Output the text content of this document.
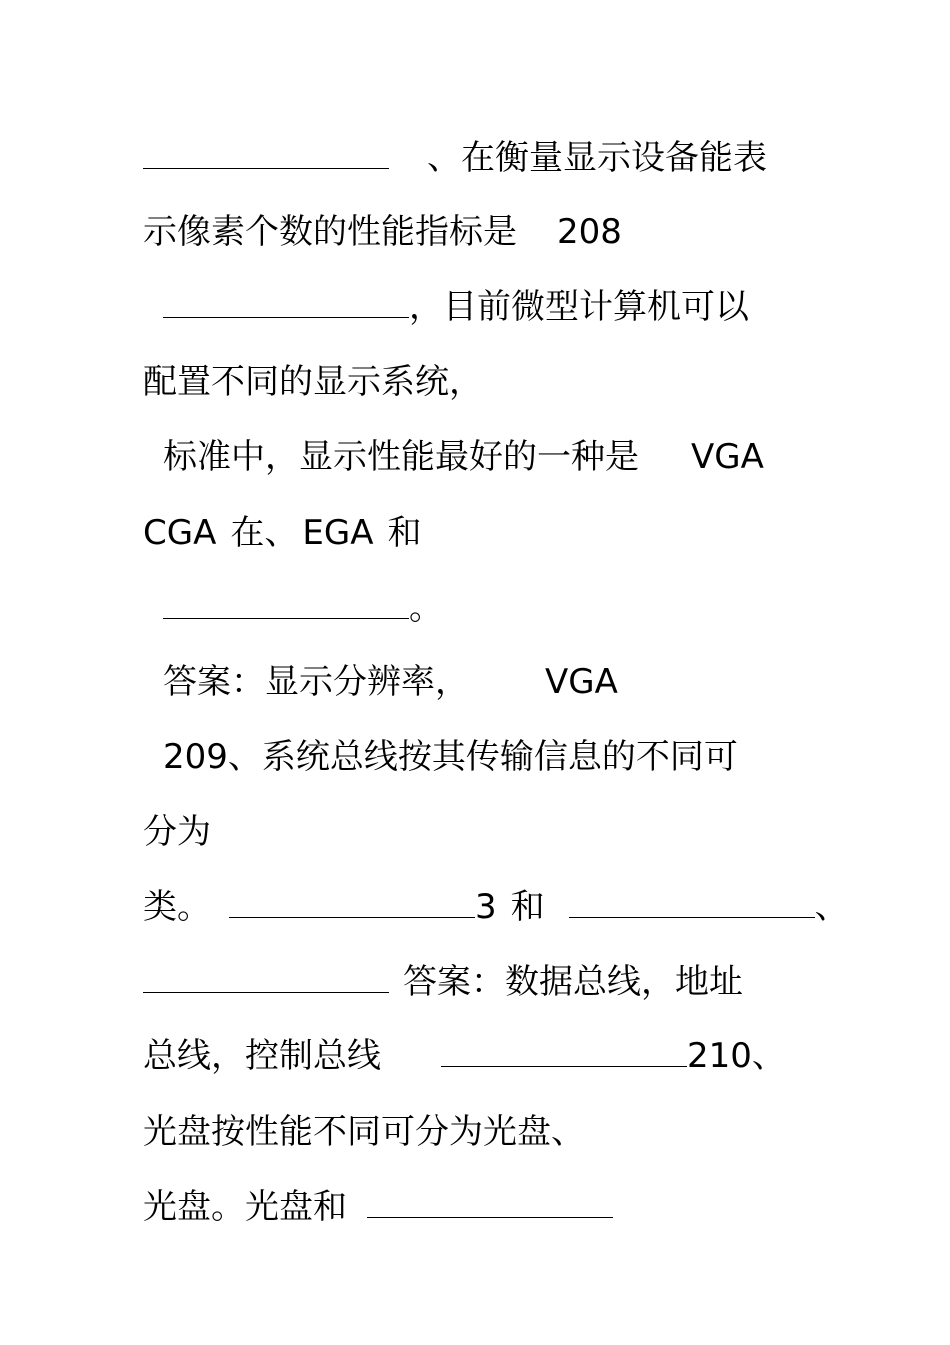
、在衡量显示设备能表
示像素个数的性能指标是 208
，目前微型计算机可以
配置不同的显示系统，
标准中，显示性能最好的一种是 VGA
CGA 在、 EGA 和
。
答案：显示分辨率， VGA
209、系统总线按其传输信息的不同可
分为
类。	3 和	、
答案：数据总线，地址
总线，控制总线	210、
光盘按性能不同可分为光盘、
光盘。光盘和
